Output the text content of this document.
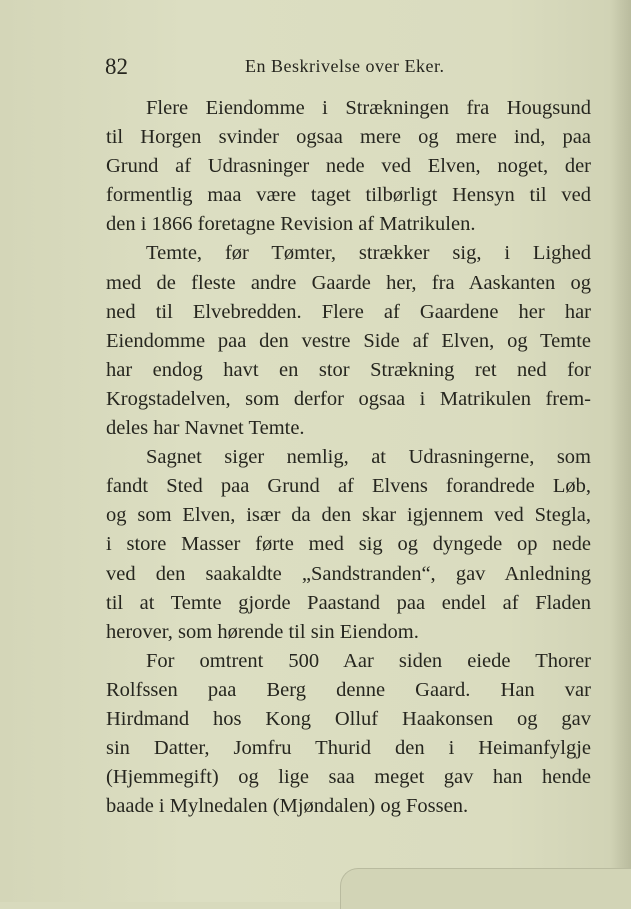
82	En Beskrivelse over Eker.
Flere Eiendomme i Strækningen fra Hougsund
til Horgen svinder ogsaa mere og mere ind, paa
Grund af Udrasninger nede ved Elven, noget, der
formentlig maa være taget tilbørligt Hensyn til ved
den i 1866 foretagne Revision af Matrikulen.
Temte, før Tømter, strækker sig, i Lighed
med de fleste andre Gaarde her, fra Aaskanten og
ned til Elvebredden. Flere af Gaardene her har
Eiendomme paa den vestre Side af Elven, og Temte
har endog havt en stor Strækning ret ned for
Krogstadelven, som derfor ogsaa i Matrikulen frem-
deles har Navnet Temte.
Sagnet siger nemlig, at Udrasningerne, som
fandt Sted paa Grund af Elvens forandrede Løb,
og som Elven, især da den skar igjennem ved Stegla,
i store Masser førte med sig og dyngede op nede
ved den saakaldte „Sandstranden“, gav Anledning
til at Temte gjorde Paastand paa endel af Fladen
herover, som hørende til sin Eiendom.
For omtrent 500 Aar siden eiede Thorer
Rolfssen paa Berg denne Gaard. Han var
Hirdmand hos Kong Olluf Haakonsen og gav
sin Datter, Jomfru Thurid den i Heimanfylgje
(Hjemmegift) og lige saa meget gav han hende
baade i Mylnedalen (Mjøndalen) og Fossen.
